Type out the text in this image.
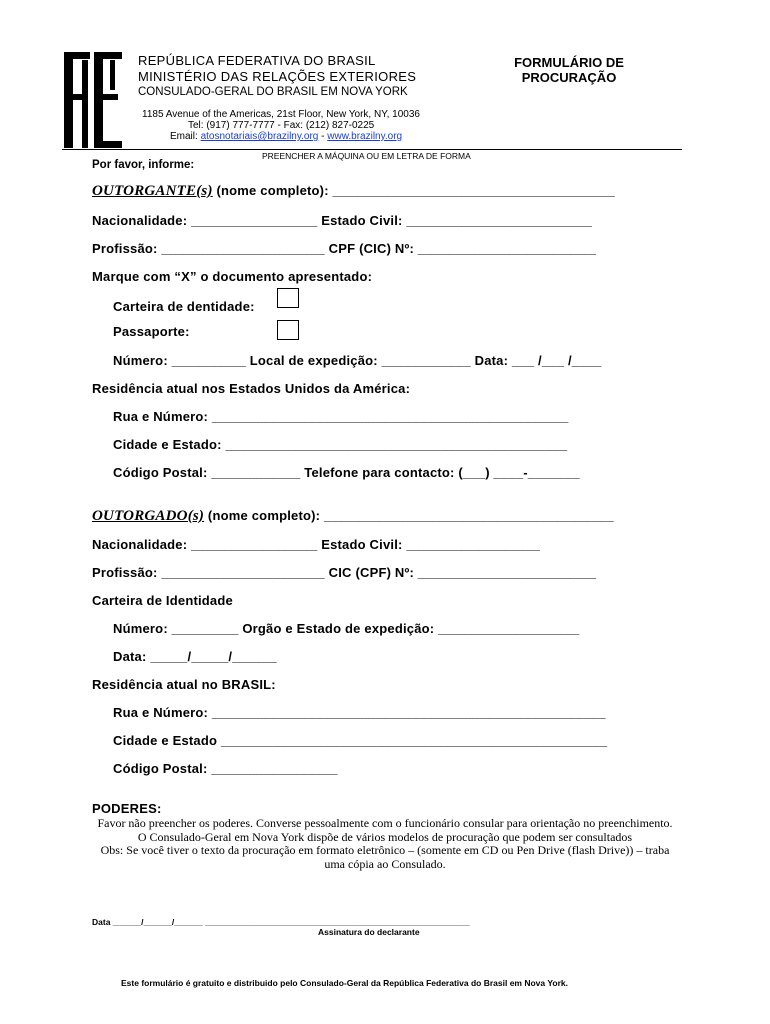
REPÚBLICA FEDERATIVA DO BRASIL
MINISTÉRIO DAS RELAÇÕES EXTERIORES
CONSULADO-GERAL DO BRASIL EM NOVA YORK
1185 Avenue of the Americas, 21st Floor, New York, NY, 10036
Tel: (917) 777-7777 - Fax: (212) 827-0225
Email: atosnotariais@brazilny.org - www.brazilny.org
FORMULÁRIO DE
PROCURAÇÃO
PREENCHER A MÁQUINA OU EM LETRA DE FORMA
Por favor, informe:
OUTORGANTE(s) (nome completo): ______________________________________
Nacionalidade: _________________ Estado Civil: _________________________
Profissão: ______________________ CPF (CIC) Nº: ________________________
Marque com “X” o documento apresentado:
Carteira de dentidade:
Passaporte:
Número: __________ Local de expedição: ____________ Data: ___ /___ /____
Residência atual nos Estados Unidos da América:
Rua e Número: ________________________________________________
Cidade e Estado: ______________________________________________
Código Postal: ____________ Telefone para contacto: (___) ____-_______
OUTORGADO(s) (nome completo): _______________________________________
Nacionalidade: _________________ Estado Civil: __________________
Profissão: ______________________ CIC (CPF) Nº: ________________________
Carteira de Identidade
Número: _________ Orgão e Estado de expedição: ___________________
Data: _____/_____/______
Residência atual no BRASIL:
Rua e Número: _____________________________________________________
Cidade e Estado ____________________________________________________
Código Postal: _________________
PODERES:
Favor não preencher os poderes. Converse pessoalmente com o funcionário consular para orientação no preenchimento.
O Consulado-Geral em Nova York dispõe de vários modelos de procuração que podem ser consultados
Obs: Se você tiver o texto da procuração em formato eletrônico – (somente em CD ou Pen Drive (flash Drive)) – traba uma cópia ao Consulado.
Data ______/______/______ ________________________________________________________
Assinatura do declarante
Este formulário é gratuito e distribuido pelo Consulado-Geral da República Federativa do Brasil em Nova York.
